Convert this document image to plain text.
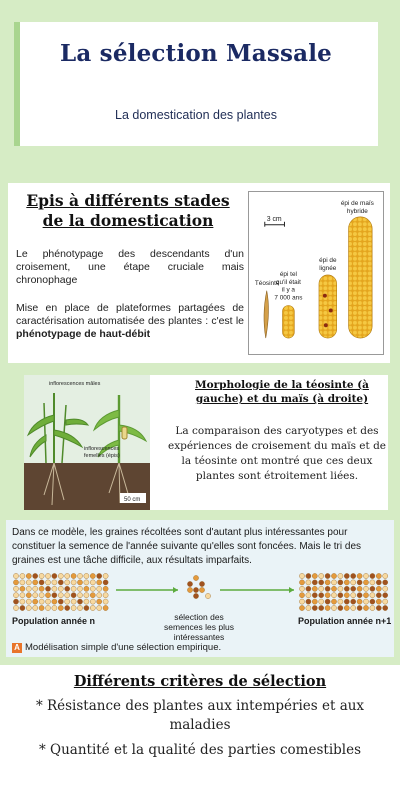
La sélection Massale
La domestication des plantes
Epis à différents stades de la domestication
Le phénotypage des descendants d'un croisement, une étape cruciale mais chronophage
Mise en place de plateformes partagées de caractérisation automatisée des plantes : c'est le phénotypage de haut-débit
3 cm
Téosinte
épi tel
qu'il était
il y a
7 000 ans
épi de
lignée
épi de maïs
hybride
inflorescences mâles
inflorescences
femelles (épis)
50 cm
Morphologie de la téosinte (à gauche) et du maïs (à droite)
La comparaison des caryotypes et des expériences de croisement du maïs et de la téosinte ont montré que ces deux plantes sont étroitement liées.
Dans ce modèle, les graines récoltées sont d'autant plus intéressantes pour constituer la semence de l'année suivante qu'elles sont foncées. Mais le tri des graines est une tâche difficile, aux résultats imparfaits.
Population année n	Population année n+1
sélection des semences les plus intéressantes
A Modélisation simple d'une sélection empirique.
Différents critères de sélection
* Résistance des plantes aux intempéries et aux maladies
* Quantité et la qualité des parties comestibles
